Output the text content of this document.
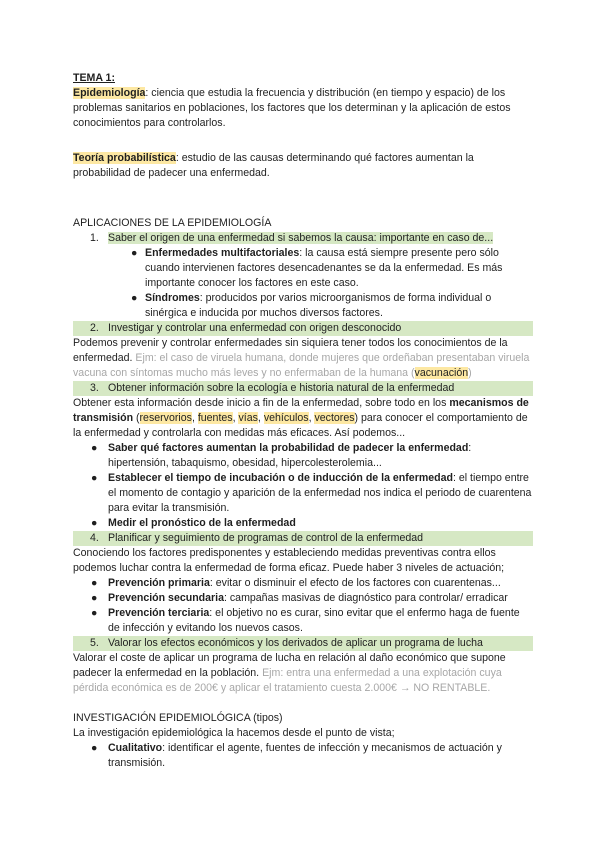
TEMA 1:

Epidemiología: ciencia que estudia la frecuencia y distribución (en tiempo y espacio) de los problemas sanitarios en poblaciones, los factores que los determinan y la aplicación de estos conocimientos para controlarlos.

Teoría probabilística: estudio de las causas determinando qué factores aumentan la probabilidad de padecer una enfermedad.

APLICACIONES DE LA EPIDEMIOLOGÍA

1. Saber el origen de una enfermedad si sabemos la causa: importante en caso de...

● Enfermedades multifactoriales: la causa está siempre presente pero sólo cuando intervienen factores desencadenantes se da la enfermedad. Es más importante conocer los factores en este caso.

● Síndromes: producidos por varios microorganismos de forma individual o sinérgica e inducida por muchos diversos factores.

2. Investigar y controlar una enfermedad con origen desconocido

Podemos prevenir y controlar enfermedades sin siquiera tener todos los conocimientos de la enfermedad. Ejm: el caso de viruela humana, donde mujeres que ordeñaban presentaban viruela vacuna con síntomas mucho más leves y no enfermaban de la humana (vacunación)

3. Obtener información sobre la ecología e historia natural de la enfermedad

Obtener esta información desde inicio a fin de la enfermedad, sobre todo en los mecanismos de transmisión (reservorios, fuentes, vías, vehículos, vectores) para conocer el comportamiento de la enfermedad y controlarla con medidas más eficaces. Así podemos...

● Saber qué factores aumentan la probabilidad de padecer la enfermedad: hipertensión, tabaquismo, obesidad, hipercolesterolemia...

● Establecer el tiempo de incubación o de inducción de la enfermedad: el tiempo entre el momento de contagio y aparición de la enfermedad nos indica el periodo de cuarentena para evitar la transmisión.

● Medir el pronóstico de la enfermedad

4. Planificar y seguimiento de programas de control de la enfermedad

Conociendo los factores predisponentes y estableciendo medidas preventivas contra ellos podemos luchar contra la enfermedad de forma eficaz. Puede haber 3 niveles de actuación;

● Prevención primaria: evitar o disminuir el efecto de los factores con cuarentenas...

● Prevención secundaria: campañas masivas de diagnóstico para controlar/ erradicar

● Prevención terciaria: el objetivo no es curar, sino evitar que el enfermo haga de fuente de infección y evitando los nuevos casos.

5. Valorar los efectos económicos y los derivados de aplicar un programa de lucha

Valorar el coste de aplicar un programa de lucha en relación al daño económico que supone padecer la enfermedad en la población. Ejm: entra una enfermedad a una explotación cuya pérdida económica es de 200€ y aplicar el tratamiento cuesta 2.000€ → NO RENTABLE.

INVESTIGACIÓN EPIDEMIOLÓGICA (tipos)

La investigación epidemiológica la hacemos desde el punto de vista;

● Cualitativo: identificar el agente, fuentes de infección y mecanismos de actuación y transmisión.
